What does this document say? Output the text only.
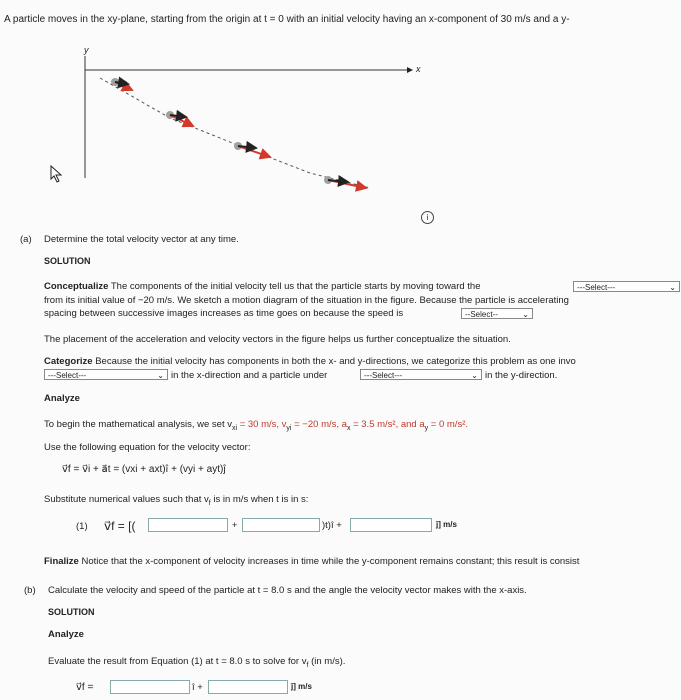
A particle moves in the xy-plane, starting from the origin at t = 0 with an initial velocity having an x-component of 30 m/s and a y-
y
x
i
(a) Determine the total velocity vector at any time.
SOLUTION
Conceptualize The components of the initial velocity tell us that the particle starts by moving toward the	---Select---	⌄
from its initial value of −20 m/s. We sketch a motion diagram of the situation in the figure. Because the particle is accelerating
spacing between successive images increases as time goes on because the speed is	--Select--	⌄
The placement of the acceleration and velocity vectors in the figure helps us further conceptualize the situation.
Categorize Because the initial velocity has components in both the x- and y-directions, we categorize this problem as one invo
---Select---	⌄ in the x-direction and a particle under	---Select---	⌄ in the y-direction.
Analyze
To begin the mathematical analysis, we set $v_{xi} = 30$ m/s, $v_{yi} = -20$ m/s, $a_x = 3.5$ m/s², and $a_y = 0$ m/s².
Use the following equation for the velocity vector:
v⃗f = v⃗i + a⃗t = (vxi + axt)î + (vyi + ayt)ĵ
Substitute numerical values such that $v_f$ is in m/s when t is in s:
(1) v⃗f = [(	+	)t)î +	ĵ] m/s
Finalize Notice that the x-component of velocity increases in time while the y-component remains constant; this result is consist
(b) Calculate the velocity and speed of the particle at t = 8.0 s and the angle the velocity vector makes with the x-axis.
SOLUTION
Analyze
Evaluate the result from Equation (1) at t = 8.0 s to solve for $v_f$ (in m/s).
v⃗f =	î +	ĵ] m/s
